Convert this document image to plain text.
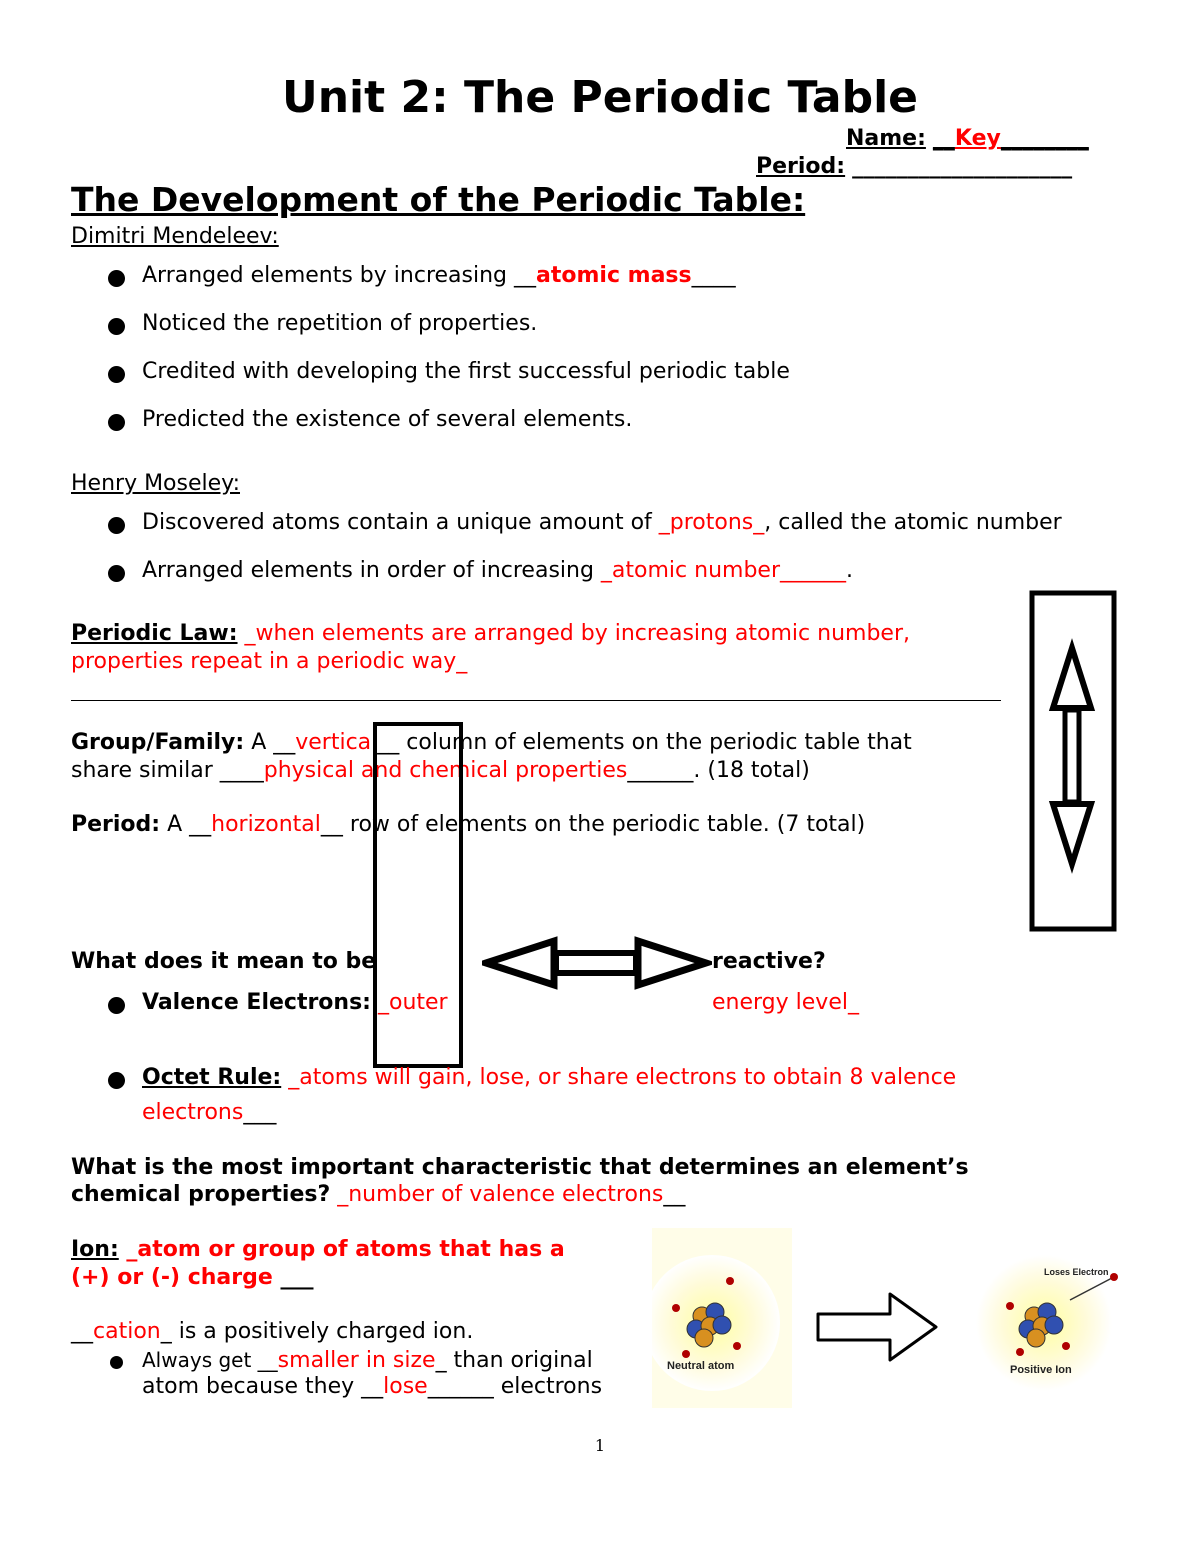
Unit 2: The Periodic Table
Name: __Key________
Period: ____________________
The Development of the Periodic Table:
Dimitri Mendeleev:
Arranged elements by increasing __atomic mass____
Noticed the repetition of properties.
Credited with developing the first successful periodic table
Predicted the existence of several elements.
Henry Moseley:
Discovered atoms contain a unique amount of _protons_, called the atomic number
Arranged elements in order of increasing _atomic number______.
Periodic Law: _when elements are arranged by increasing atomic number,
properties repeat in a periodic way_
Group/Family: A __vertical__ column of elements on the periodic table that
share similar ____physical and chemical properties______. (18 total)
Period: A __horizontal__ row of elements on the periodic table. (7 total)
What does it mean to be	reactive?
Valence Electrons: _outer	energy level_
Octet Rule: _atoms will gain, lose, or share electrons to obtain 8 valence
electrons___
What is the most important characteristic that determines an element’s
chemical properties? _number of valence electrons__
Ion: _atom or group of atoms that has a
(+) or (-) charge ___
__cation_ is a positively charged ion.
Always get __smaller in size_ than original
atom because they __lose______ electrons
Neutral atom
Loses Electron
Positive Ion
1
